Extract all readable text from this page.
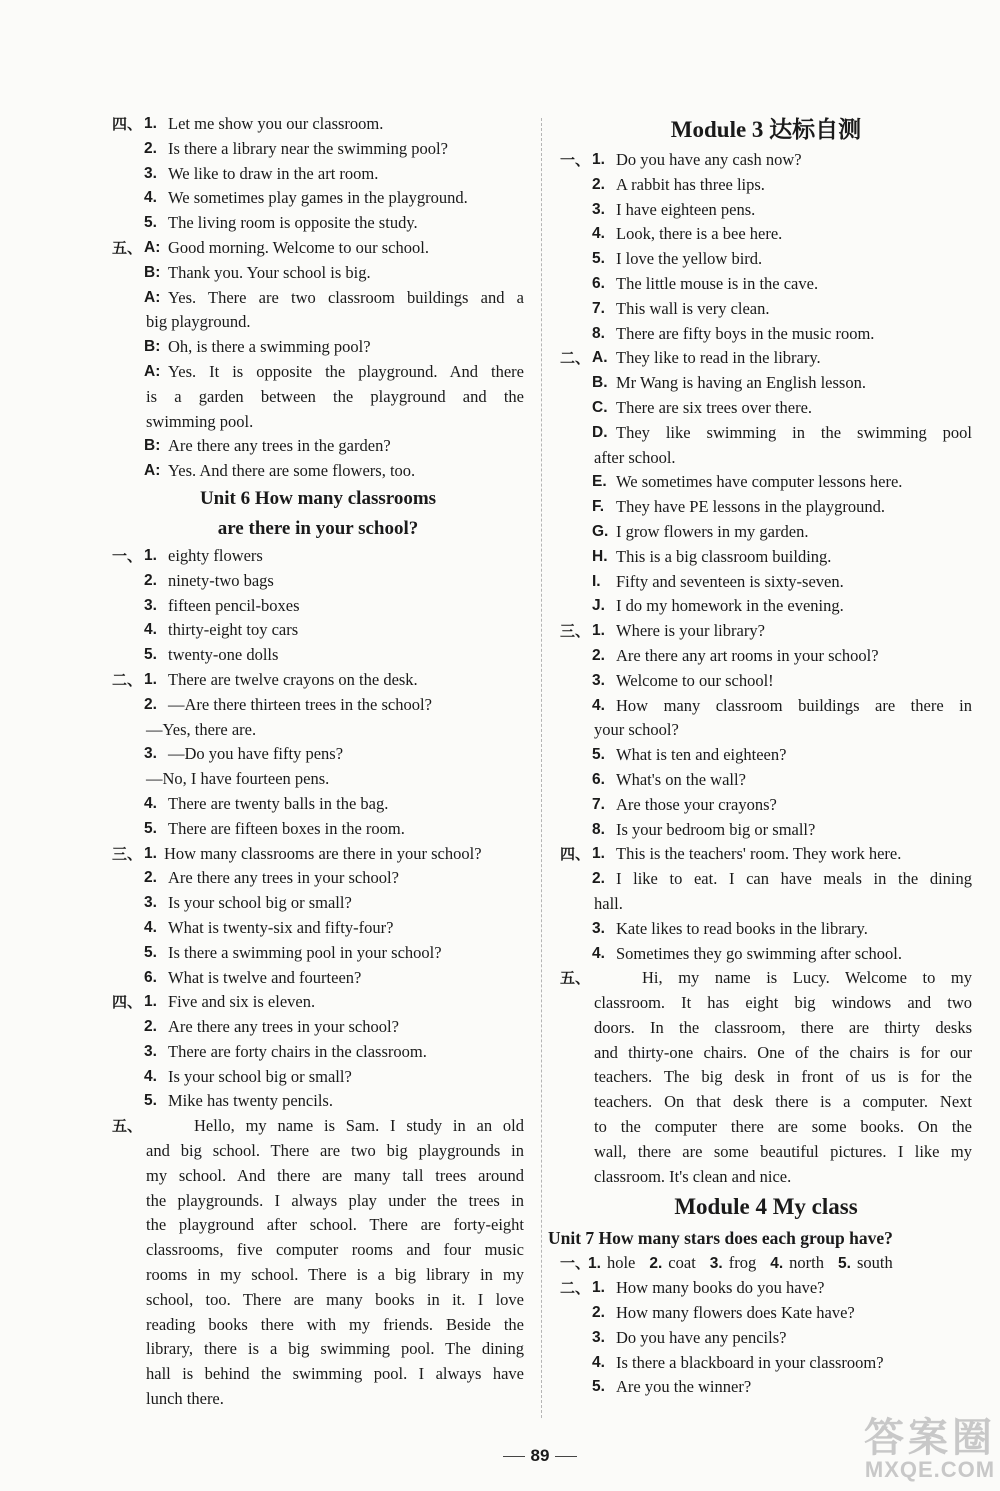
四、 1. Let me show you our classroom.
2. Is there a library near the swimming pool?
3. We like to draw in the art room.
4. We sometimes play games in the playground.
5. The living room is opposite the study.
五、 A: Good morning. Welcome to our school.
B: Thank you. Your school is big.
A: Yes. There are two classroom buildings and a
big playground.
B: Oh, is there a swimming pool?
A: Yes. It is opposite the playground. And there
is a garden between the playground and the
swimming pool.
B: Are there any trees in the garden?
A: Yes. And there are some flowers, too.
Unit 6 How many classrooms
are there in your school?
一、 1. eighty flowers
2. ninety-two bags
3. fifteen pencil-boxes
4. thirty-eight toy cars
5. twenty-one dolls
二、 1. There are twelve crayons on the desk.
2. —Are there thirteen trees in the school?
—Yes, there are.
3. —Do you have fifty pens?
—No, I have fourteen pens.
4. There are twenty balls in the bag.
5. There are fifteen boxes in the room.
三、 1. How many classrooms are there in your school?
2. Are there any trees in your school?
3. Is your school big or small?
4. What is twenty-six and fifty-four?
5. Is there a swimming pool in your school?
6. What is twelve and fourteen?
四、 1. Five and six is eleven.
2. Are there any trees in your school?
3. There are forty chairs in the classroom.
4. Is your school big or small?
5. Mike has twenty pencils.
五、	Hello, my name is Sam. I study in an old
and big school. There are two big playgrounds in
my school. And there are many tall trees around
the playgrounds. I always play under the trees in
the playground after school. There are forty-eight
classrooms, five computer rooms and four music
rooms in my school. There is a big library in my
school, too. There are many books in it. I love
reading books there with my friends. Beside the
library, there is a big swimming pool. The dining
hall is behind the swimming pool. I always have
lunch there.
Module 3 达标自测
一、 1. Do you have any cash now?
2. A rabbit has three lips.
3. I have eighteen pens.
4. Look, there is a bee here.
5. I love the yellow bird.
6. The little mouse is in the cave.
7. This wall is very clean.
8. There are fifty boys in the music room.
二、 A. They like to read in the library.
B. Mr Wang is having an English lesson.
C. There are six trees over there.
D. They like swimming in the swimming pool
after school.
E. We sometimes have computer lessons here.
F. They have PE lessons in the playground.
G. I grow flowers in my garden.
H. This is a big classroom building.
I. Fifty and seventeen is sixty-seven.
J. I do my homework in the evening.
三、 1. Where is your library?
2. Are there any art rooms in your school?
3. Welcome to our school!
4. How many classroom buildings are there in
your school?
5. What is ten and eighteen?
6. What's on the wall?
7. Are those your crayons?
8. Is your bedroom big or small?
四、 1. This is the teachers' room. They work here.
2. I like to eat. I can have meals in the dining
hall.
3. Kate likes to read books in the library.
4. Sometimes they go swimming after school.
五、	Hi, my name is Lucy. Welcome to my
classroom. It has eight big windows and two
doors. In the classroom, there are thirty desks
and thirty-one chairs. One of the chairs is for our
teachers. The big desk in front of us is for the
teachers. On that desk there is a computer. Next
to the computer there are some books. On the
wall, there are some beautiful pictures. I like my
classroom. It's clean and nice.
Module 4 My class
Unit 7 How many stars does each group have?
一、
1. hole 2. coat 3. frog 4. north 5. south
二、 1. How many books do you have?
2. How many flowers does Kate have?
3. Do you have any pencils?
4. Is there a blackboard in your classroom?
5. Are you the winner?
89	答案圈
MXQE.COM
